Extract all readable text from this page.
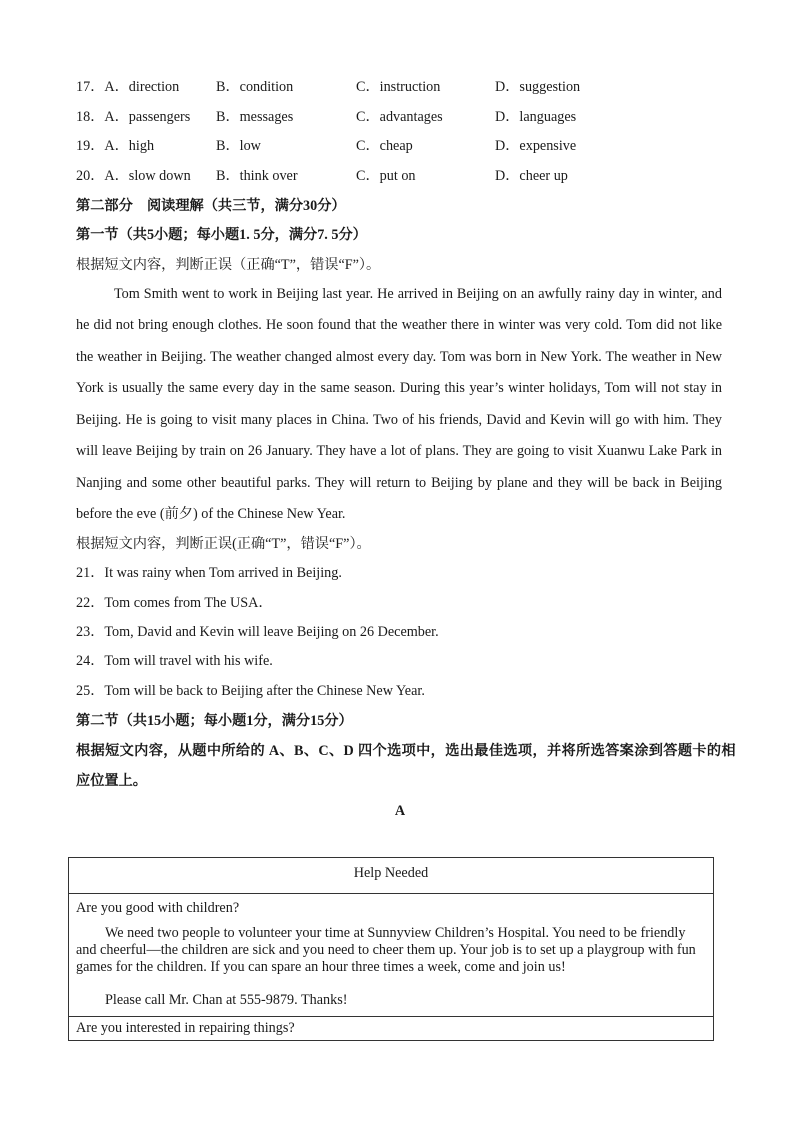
17．A．direction	B．condition	C．instruction	D．suggestion
18．A．passengers B．messages	C．advantages	D．languages
19．A．high	B．low	C．cheap	D．expensive
20．A．slow down B．think over	C．put on	D．cheer up
第二部分　阅读理解（共三节，满分30分）
第一节（共5小题；每小题1. 5分，满分7. 5分）
根据短文内容，判断正误（正确“T”，错误“F”）。
Tom Smith went to work in Beijing last year. He arrived in Beijing on an awfully rainy day in winter, and
he did not bring enough clothes. He soon found that the weather there in winter was very cold. Tom did not like
the weather in Beijing. The weather changed almost every day. Tom was born in New York. The weather in New
York is usually the same every day in the same season. During this year’s winter holidays, Tom will not stay in
Beijing. He is going to visit many places in China. Two of his friends, David and Kevin will go with him. They
will leave Beijing by train on 26 January. They have a lot of plans. They are going to visit Xuanwu Lake Park in
Nanjing and some other beautiful parks. They will return to Beijing by plane and they will be back in Beijing
before the eve (前夕) of the Chinese New Year.
根据短文内容，判断正误(正确“T”，错误“F”）。
21．It was rainy when Tom arrived in Beijing.
22．Tom comes from The USA．
23．Tom, David and Kevin will leave Beijing on 26 December.
24．Tom will travel with his wife.
25．Tom will be back to Beijing after the Chinese New Year.
第二节（共15小题；每小题1分，满分15分）
根据短文内容，从题中所给的 A、B、C、D 四个选项中，选出最佳选项，并将所选答案涂到答题卡的相
应位置上。
A
Help Needed
Are you good with children?
We need two people to volunteer your time at Sunnyview Children’s Hospital. You need to be friendly and cheerful—the children are sick and you need to cheer them up. Your job is to set up a playgroup with fun games for the children. If you can spare an hour three times a week, come and join us!
Please call Mr. Chan at 555-9879. Thanks!
Are you interested in repairing things?
